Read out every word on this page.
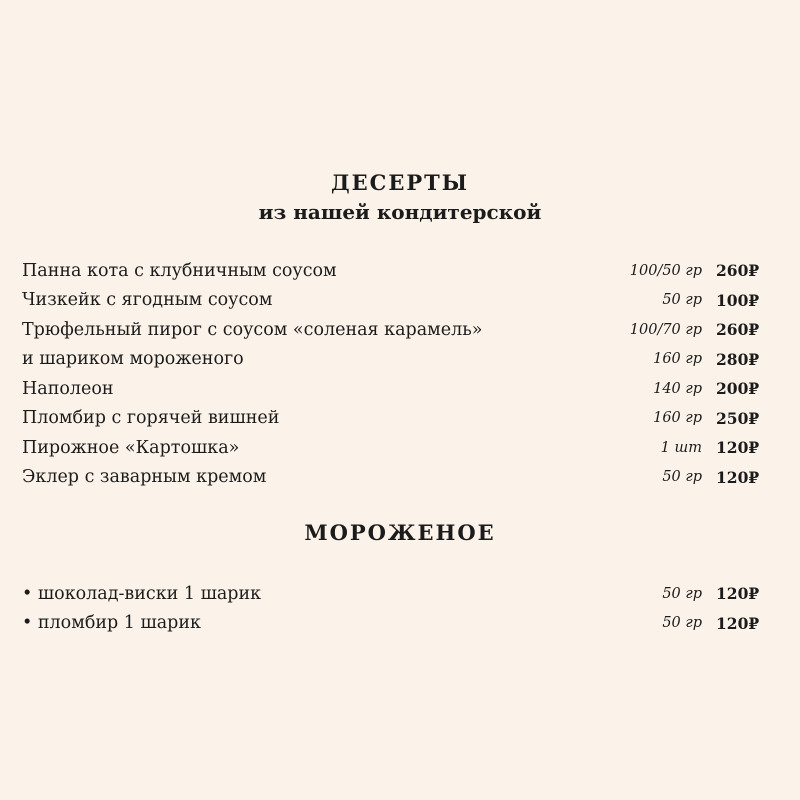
ДЕСЕРТЫ
из нашей кондитерской
Панна кота с клубничным соусом	100/50 гр 260₽
Чизкейк с ягодным соусом	50 гр 100₽
Трюфельный пирог с соусом «соленая карамель»	100/70 гр 260₽
и шариком мороженого	160 гр 280₽
Наполеон	140 гр 200₽
Пломбир с горячей вишней	160 гр 250₽
Пирожное «Картошка»	1 шт 120₽
Эклер с заварным кремом	50 гр 120₽
МОРОЖЕНОЕ
• шоколад-виски 1 шарик	50 гр 120₽
• пломбир 1 шарик	50 гр 120₽
